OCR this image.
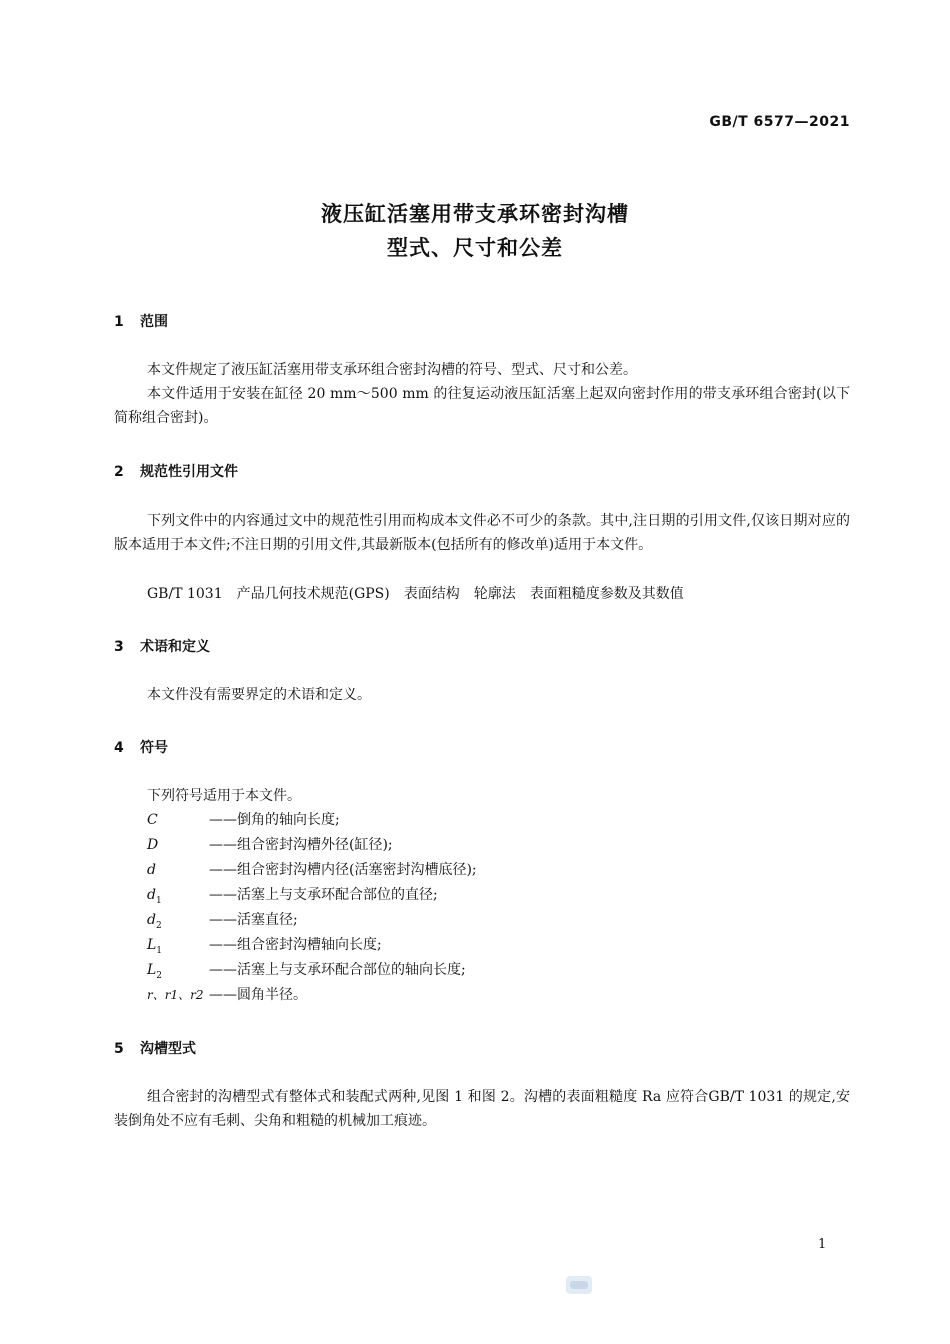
GB/T 6577—2021
液压缸活塞用带支承环密封沟槽
型式、尺寸和公差
1 范围
本文件规定了液压缸活塞用带支承环组合密封沟槽的符号、型式、尺寸和公差。
本文件适用于安装在缸径 20 mm～500 mm 的往复运动液压缸活塞上起双向密封作用的带支承环组合密封(以下简称组合密封)。
2 规范性引用文件
下列文件中的内容通过文中的规范性引用而构成本文件必不可少的条款。其中,注日期的引用文件,仅该日期对应的版本适用于本文件;不注日期的引用文件,其最新版本(包括所有的修改单)适用于本文件。
GB/T 1031 产品几何技术规范(GPS) 表面结构 轮廓法 表面粗糙度参数及其数值
3 术语和定义
本文件没有需要界定的术语和定义。
4 符号
下列符号适用于本文件。
C	——倒角的轴向长度;
D	——组合密封沟槽外径(缸径);
d	——组合密封沟槽内径(活塞密封沟槽底径);
$d_1$	——活塞上与支承环配合部位的直径;
$d_2$	——活塞直径;
$L_1$	——组合密封沟槽轴向长度;
$L_2$	——活塞上与支承环配合部位的轴向长度;
r、r1、r2 ——圆角半径。
5 沟槽型式
组合密封的沟槽型式有整体式和装配式两种,见图 1 和图 2。沟槽的表面粗糙度 Ra 应符合GB/T 1031 的规定,安装倒角处不应有毛刺、尖角和粗糙的机械加工痕迹。
1
